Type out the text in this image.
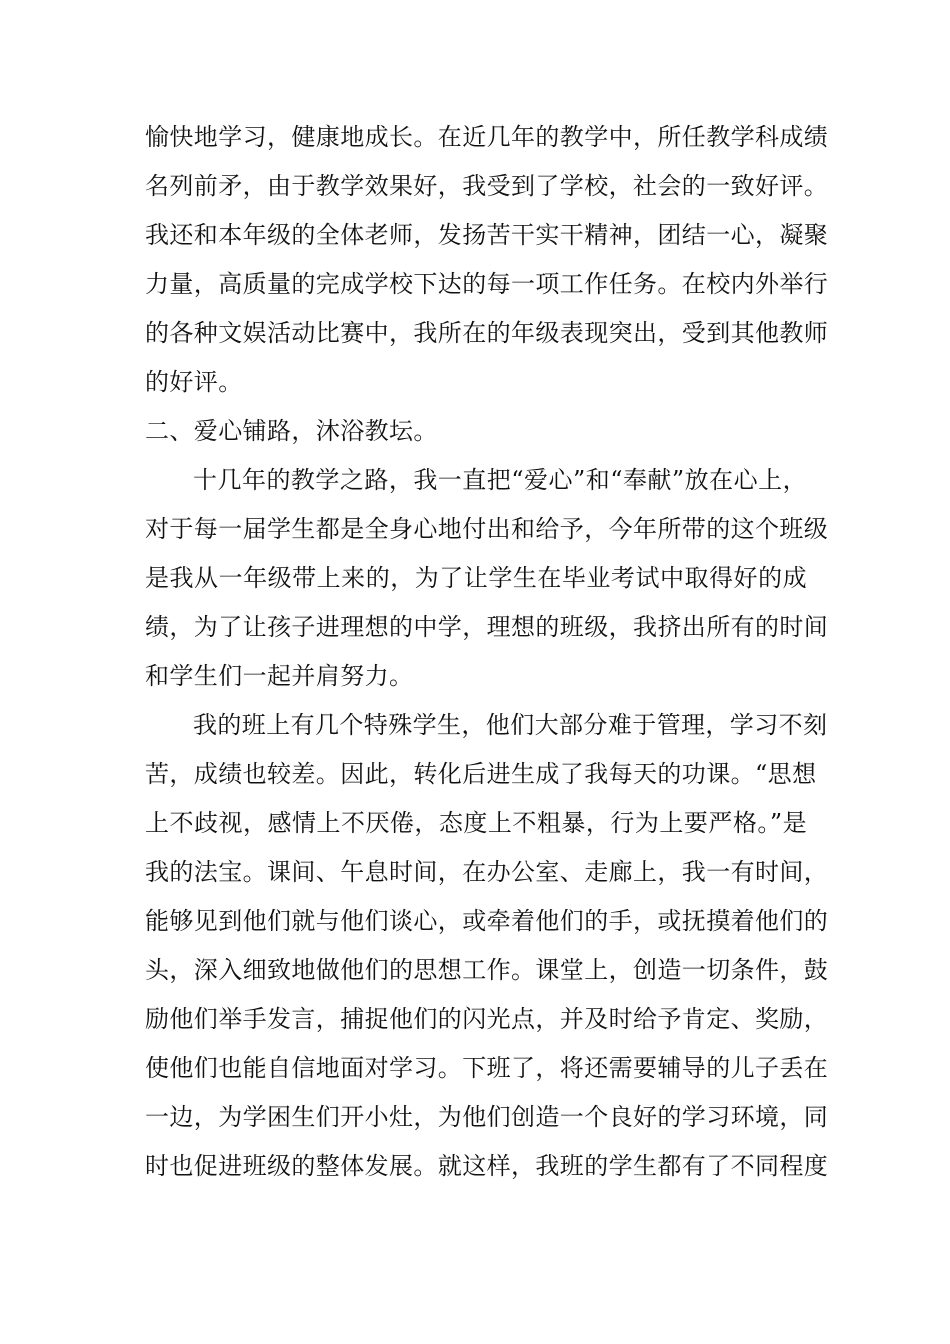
愉快地学习，健康地成长。在近几年的教学中，所任教学科成绩
名列前矛，由于教学效果好，我受到了学校，社会的一致好评。
我还和本年级的全体老师，发扬苦干实干精神，团结一心，凝聚
力量，高质量的完成学校下达的每一项工作任务。在校内外举行
的各种文娱活动比赛中，我所在的年级表现突出，受到其他教师
的好评。
二、爱心铺路，沐浴教坛。
十几年的教学之路，我一直把“爱心”和“奉献”放在心上，
对于每一届学生都是全身心地付出和给予，今年所带的这个班级
是我从一年级带上来的，为了让学生在毕业考试中取得好的成
绩，为了让孩子进理想的中学，理想的班级，我挤出所有的时间
和学生们一起并肩努力。
我的班上有几个特殊学生，他们大部分难于管理，学习不刻
苦，成绩也较差。因此，转化后进生成了我每天的功课。“思想
上不歧视，感情上不厌倦，态度上不粗暴，行为上要严格。”是
我的法宝。课间、午息时间，在办公室、走廊上，我一有时间，
能够见到他们就与他们谈心，或牵着他们的手，或抚摸着他们的
头，深入细致地做他们的思想工作。课堂上，创造一切条件，鼓
励他们举手发言，捕捉他们的闪光点，并及时给予肯定、奖励，
使他们也能自信地面对学习。下班了，将还需要辅导的儿子丢在
一边，为学困生们开小灶，为他们创造一个良好的学习环境，同
时也促进班级的整体发展。就这样，我班的学生都有了不同程度
